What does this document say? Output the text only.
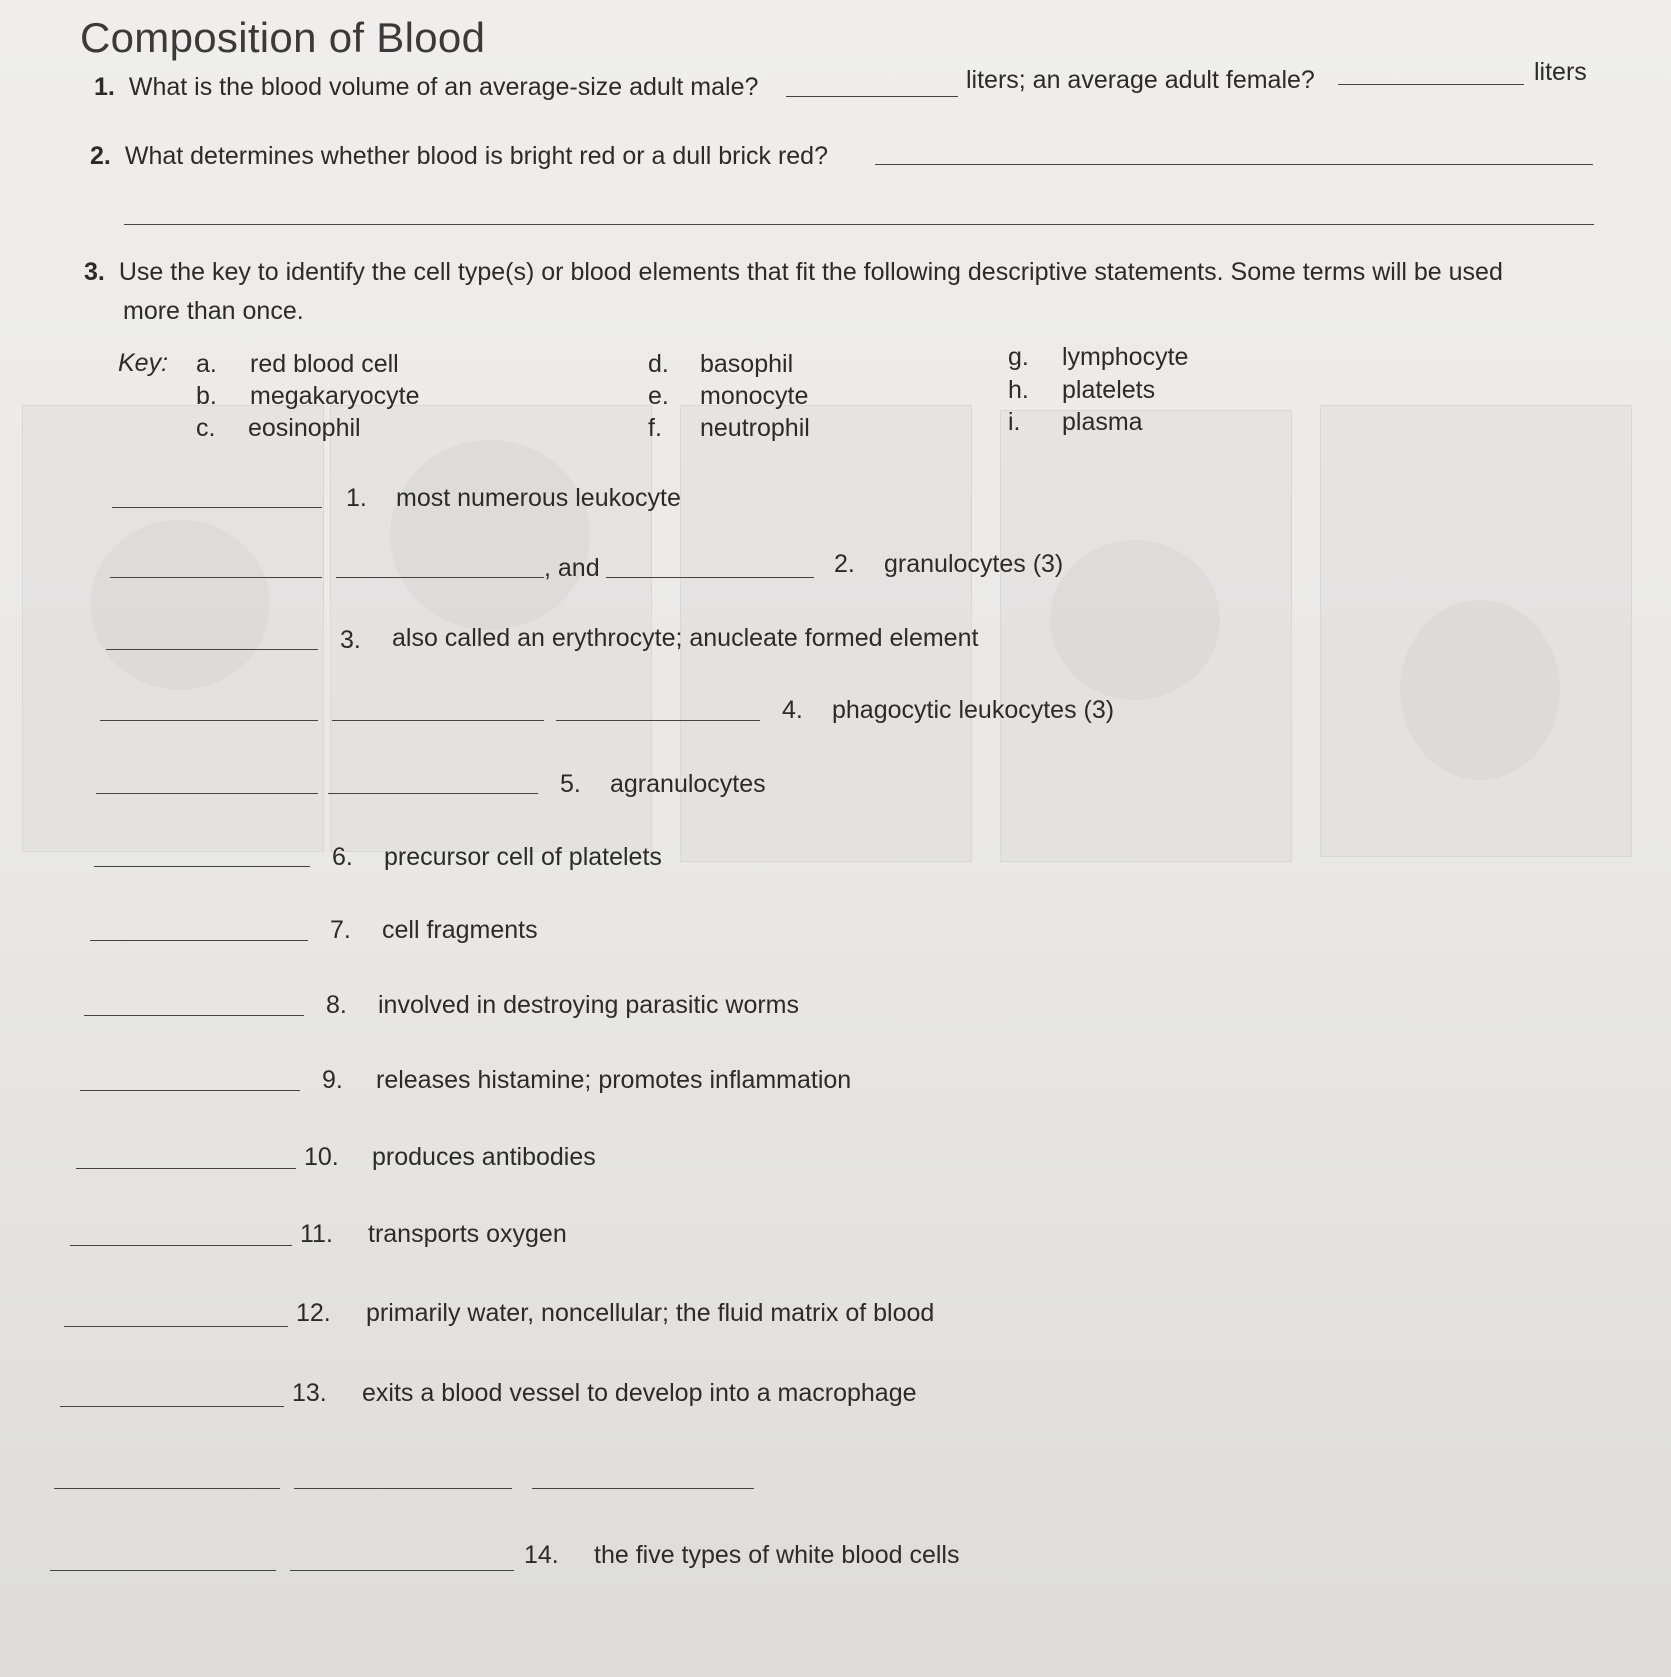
Composition of Blood
1. What is the blood volume of an average-size adult male?	liters; an average adult female?	liters
2. What determines whether blood is bright red or a dull brick red?
3. Use the key to identify the cell type(s) or blood elements that fit the following descriptive statements. Some terms will be used
more than once.
Key: a. red blood cell
b. megakaryocyte
c. eosinophil
d. basophil
e. monocyte
f. neutrophil
g. lymphocyte
h. platelets
i. plasma
1. most numerous leukocyte
, and	2. granulocytes (3)
3. also called an erythrocyte; anucleate formed element
4. phagocytic leukocytes (3)
5. agranulocytes
6. precursor cell of platelets
7. cell fragments
8. involved in destroying parasitic worms
9. releases histamine; promotes inflammation
10. produces antibodies
11. transports oxygen
12. primarily water, noncellular; the fluid matrix of blood
13. exits a blood vessel to develop into a macrophage
14. the five types of white blood cells
